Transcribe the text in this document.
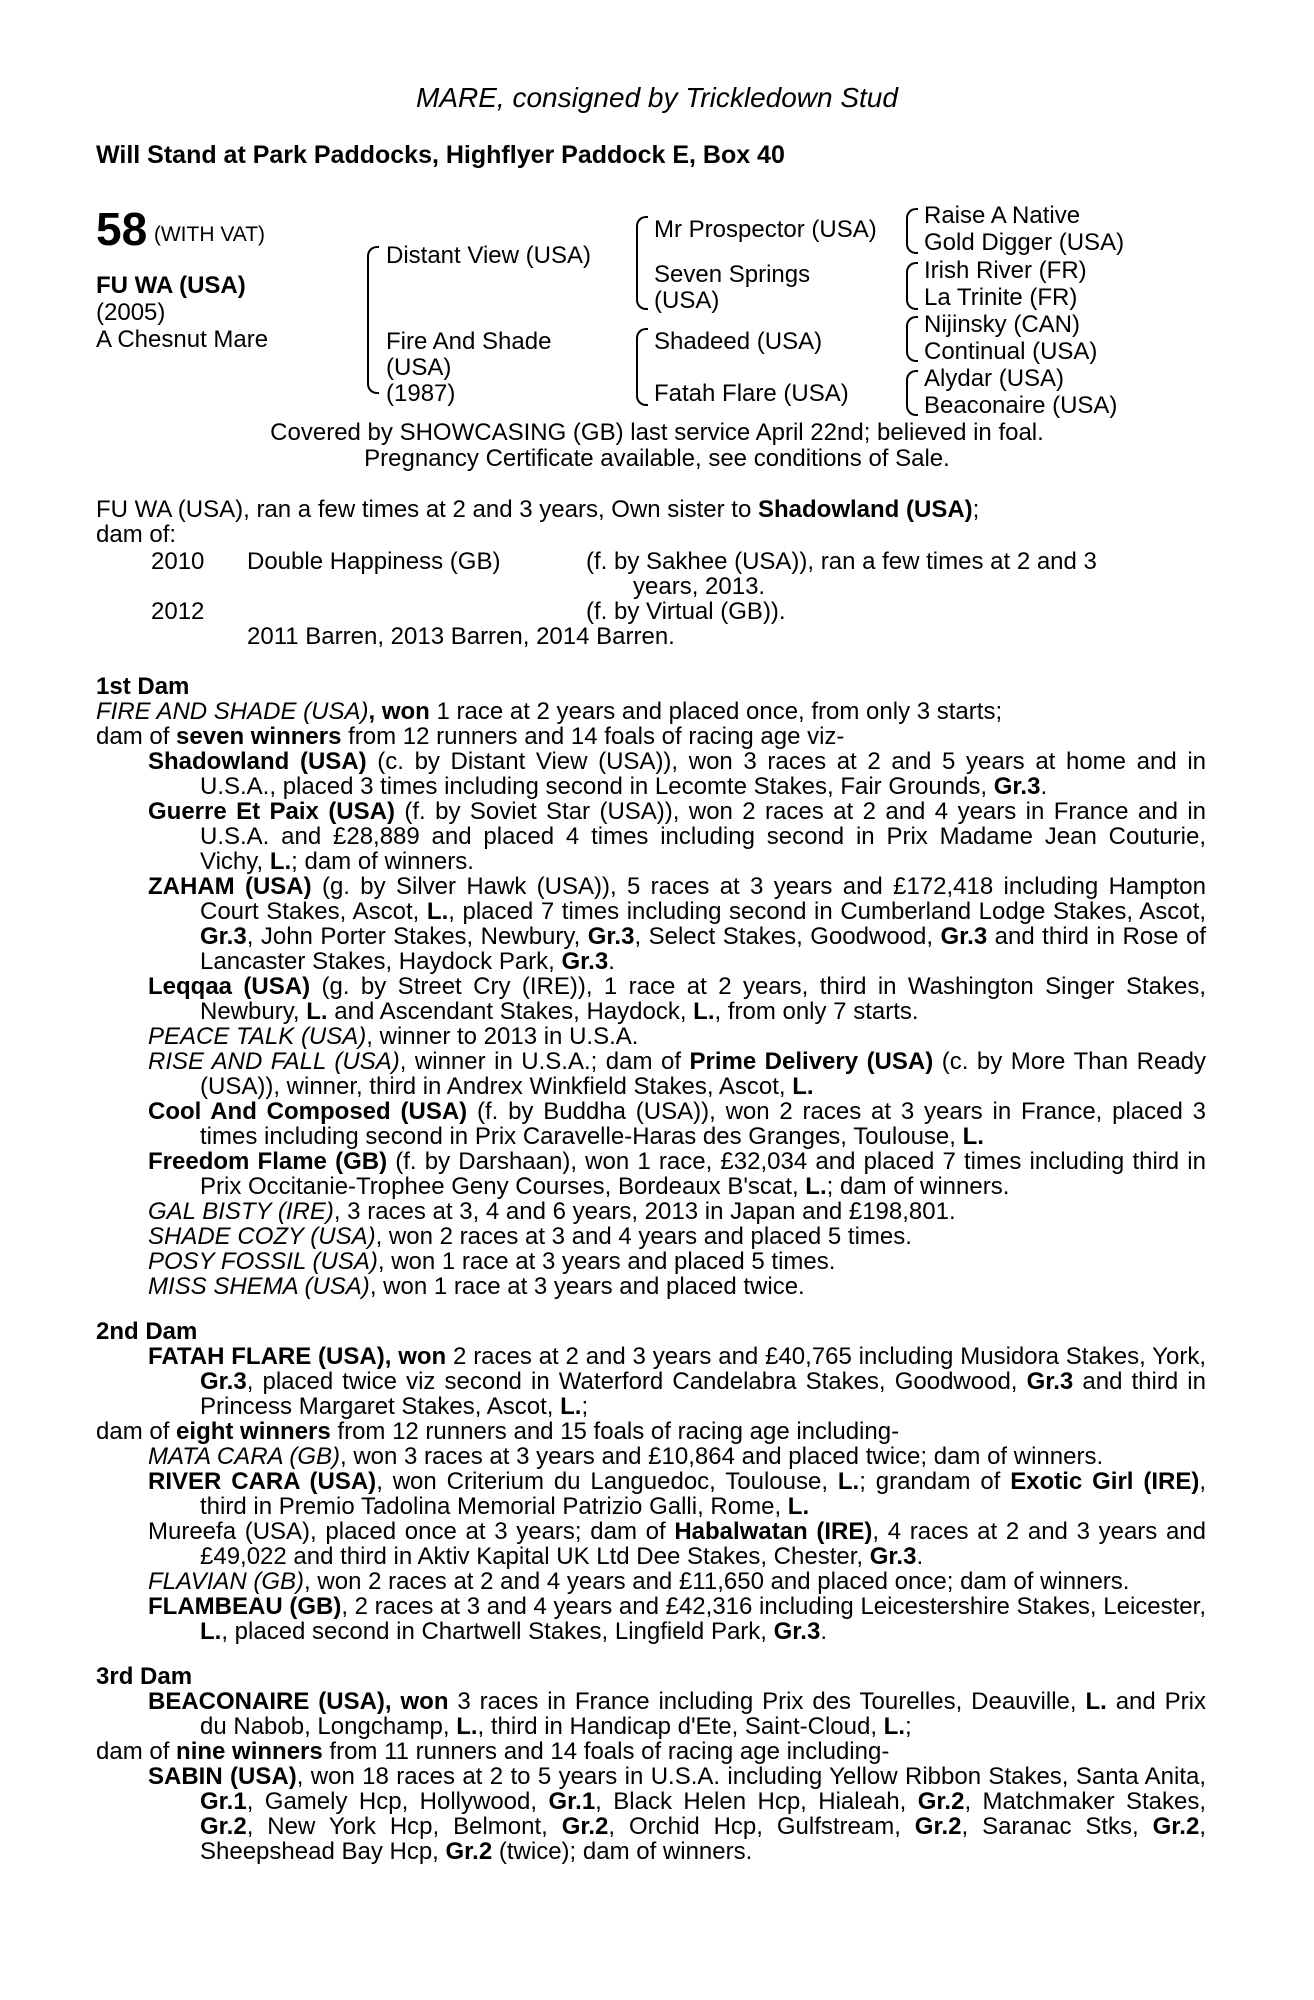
MARE, consigned by Trickledown Stud
Will Stand at Park Paddocks, Highflyer Paddock E, Box 40
58 (WITH VAT)
FU WA (USA)
(2005)
A Chesnut Mare
Distant View (USA)
Fire And Shade
(USA)
(1987)
Mr Prospector (USA)
Seven Springs
(USA)
Shadeed (USA)
Fatah Flare (USA)
Raise A Native
Gold Digger (USA)
Irish River (FR)
La Trinite (FR)
Nijinsky (CAN)
Continual (USA)
Alydar (USA)
Beaconaire (USA)
Covered by SHOWCASING (GB) last service April 22nd; believed in foal.
Pregnancy Certificate available, see conditions of Sale.
FU WA (USA), ran a few times at 2 and 3 years, Own sister to Shadowland (USA);
dam of:
2010 Double Happiness (GB)	(f. by Sakhee (USA)), ran a few times at 2 and 3
years, 2013.
2012	(f. by Virtual (GB)).
2011 Barren, 2013 Barren, 2014 Barren.
1st Dam
FIRE AND SHADE (USA), won 1 race at 2 years and placed once, from only 3 starts;
dam of seven winners from 12 runners and 14 foals of racing age viz-
Shadowland (USA) (c. by Distant View (USA)), won 3 races at 2 and 5 years at home and in U.S.A., placed 3 times including second in Lecomte Stakes, Fair Grounds, Gr.3.
Guerre Et Paix (USA) (f. by Soviet Star (USA)), won 2 races at 2 and 4 years in France and in U.S.A. and £28,889 and placed 4 times including second in Prix Madame Jean Couturie, Vichy, L.; dam of winners.
ZAHAM (USA) (g. by Silver Hawk (USA)), 5 races at 3 years and £172,418 including Hampton Court Stakes, Ascot, L., placed 7 times including second in Cumberland Lodge Stakes, Ascot, Gr.3, John Porter Stakes, Newbury, Gr.3, Select Stakes, Goodwood, Gr.3 and third in Rose of Lancaster Stakes, Haydock Park, Gr.3.
Leqqaa (USA) (g. by Street Cry (IRE)), 1 race at 2 years, third in Washington Singer Stakes, Newbury, L. and Ascendant Stakes, Haydock, L., from only 7 starts.
PEACE TALK (USA), winner to 2013 in U.S.A.
RISE AND FALL (USA), winner in U.S.A.; dam of Prime Delivery (USA) (c. by More Than Ready (USA)), winner, third in Andrex Winkfield Stakes, Ascot, L.
Cool And Composed (USA) (f. by Buddha (USA)), won 2 races at 3 years in France, placed 3 times including second in Prix Caravelle-Haras des Granges, Toulouse, L.
Freedom Flame (GB) (f. by Darshaan), won 1 race, £32,034 and placed 7 times including third in Prix Occitanie-Trophee Geny Courses, Bordeaux B'scat, L.; dam of winners.
GAL BISTY (IRE), 3 races at 3, 4 and 6 years, 2013 in Japan and £198,801.
SHADE COZY (USA), won 2 races at 3 and 4 years and placed 5 times.
POSY FOSSIL (USA), won 1 race at 3 years and placed 5 times.
MISS SHEMA (USA), won 1 race at 3 years and placed twice.
2nd Dam
FATAH FLARE (USA), won 2 races at 2 and 3 years and £40,765 including Musidora Stakes, York, Gr.3, placed twice viz second in Waterford Candelabra Stakes, Goodwood, Gr.3 and third in Princess Margaret Stakes, Ascot, L.;
dam of eight winners from 12 runners and 15 foals of racing age including-
MATA CARA (GB), won 3 races at 3 years and £10,864 and placed twice; dam of winners.
RIVER CARA (USA), won Criterium du Languedoc, Toulouse, L.; grandam of Exotic Girl (IRE), third in Premio Tadolina Memorial Patrizio Galli, Rome, L.
Mureefa (USA), placed once at 3 years; dam of Habalwatan (IRE), 4 races at 2 and 3 years and £49,022 and third in Aktiv Kapital UK Ltd Dee Stakes, Chester, Gr.3.
FLAVIAN (GB), won 2 races at 2 and 4 years and £11,650 and placed once; dam of winners.
FLAMBEAU (GB), 2 races at 3 and 4 years and £42,316 including Leicestershire Stakes, Leicester, L., placed second in Chartwell Stakes, Lingfield Park, Gr.3.
3rd Dam
BEACONAIRE (USA), won 3 races in France including Prix des Tourelles, Deauville, L. and Prix du Nabob, Longchamp, L., third in Handicap d'Ete, Saint-Cloud, L.;
dam of nine winners from 11 runners and 14 foals of racing age including-
SABIN (USA), won 18 races at 2 to 5 years in U.S.A. including Yellow Ribbon Stakes, Santa Anita, Gr.1, Gamely Hcp, Hollywood, Gr.1, Black Helen Hcp, Hialeah, Gr.2, Matchmaker Stakes, Gr.2, New York Hcp, Belmont, Gr.2, Orchid Hcp, Gulfstream, Gr.2, Saranac Stks, Gr.2, Sheepshead Bay Hcp, Gr.2 (twice); dam of winners.
